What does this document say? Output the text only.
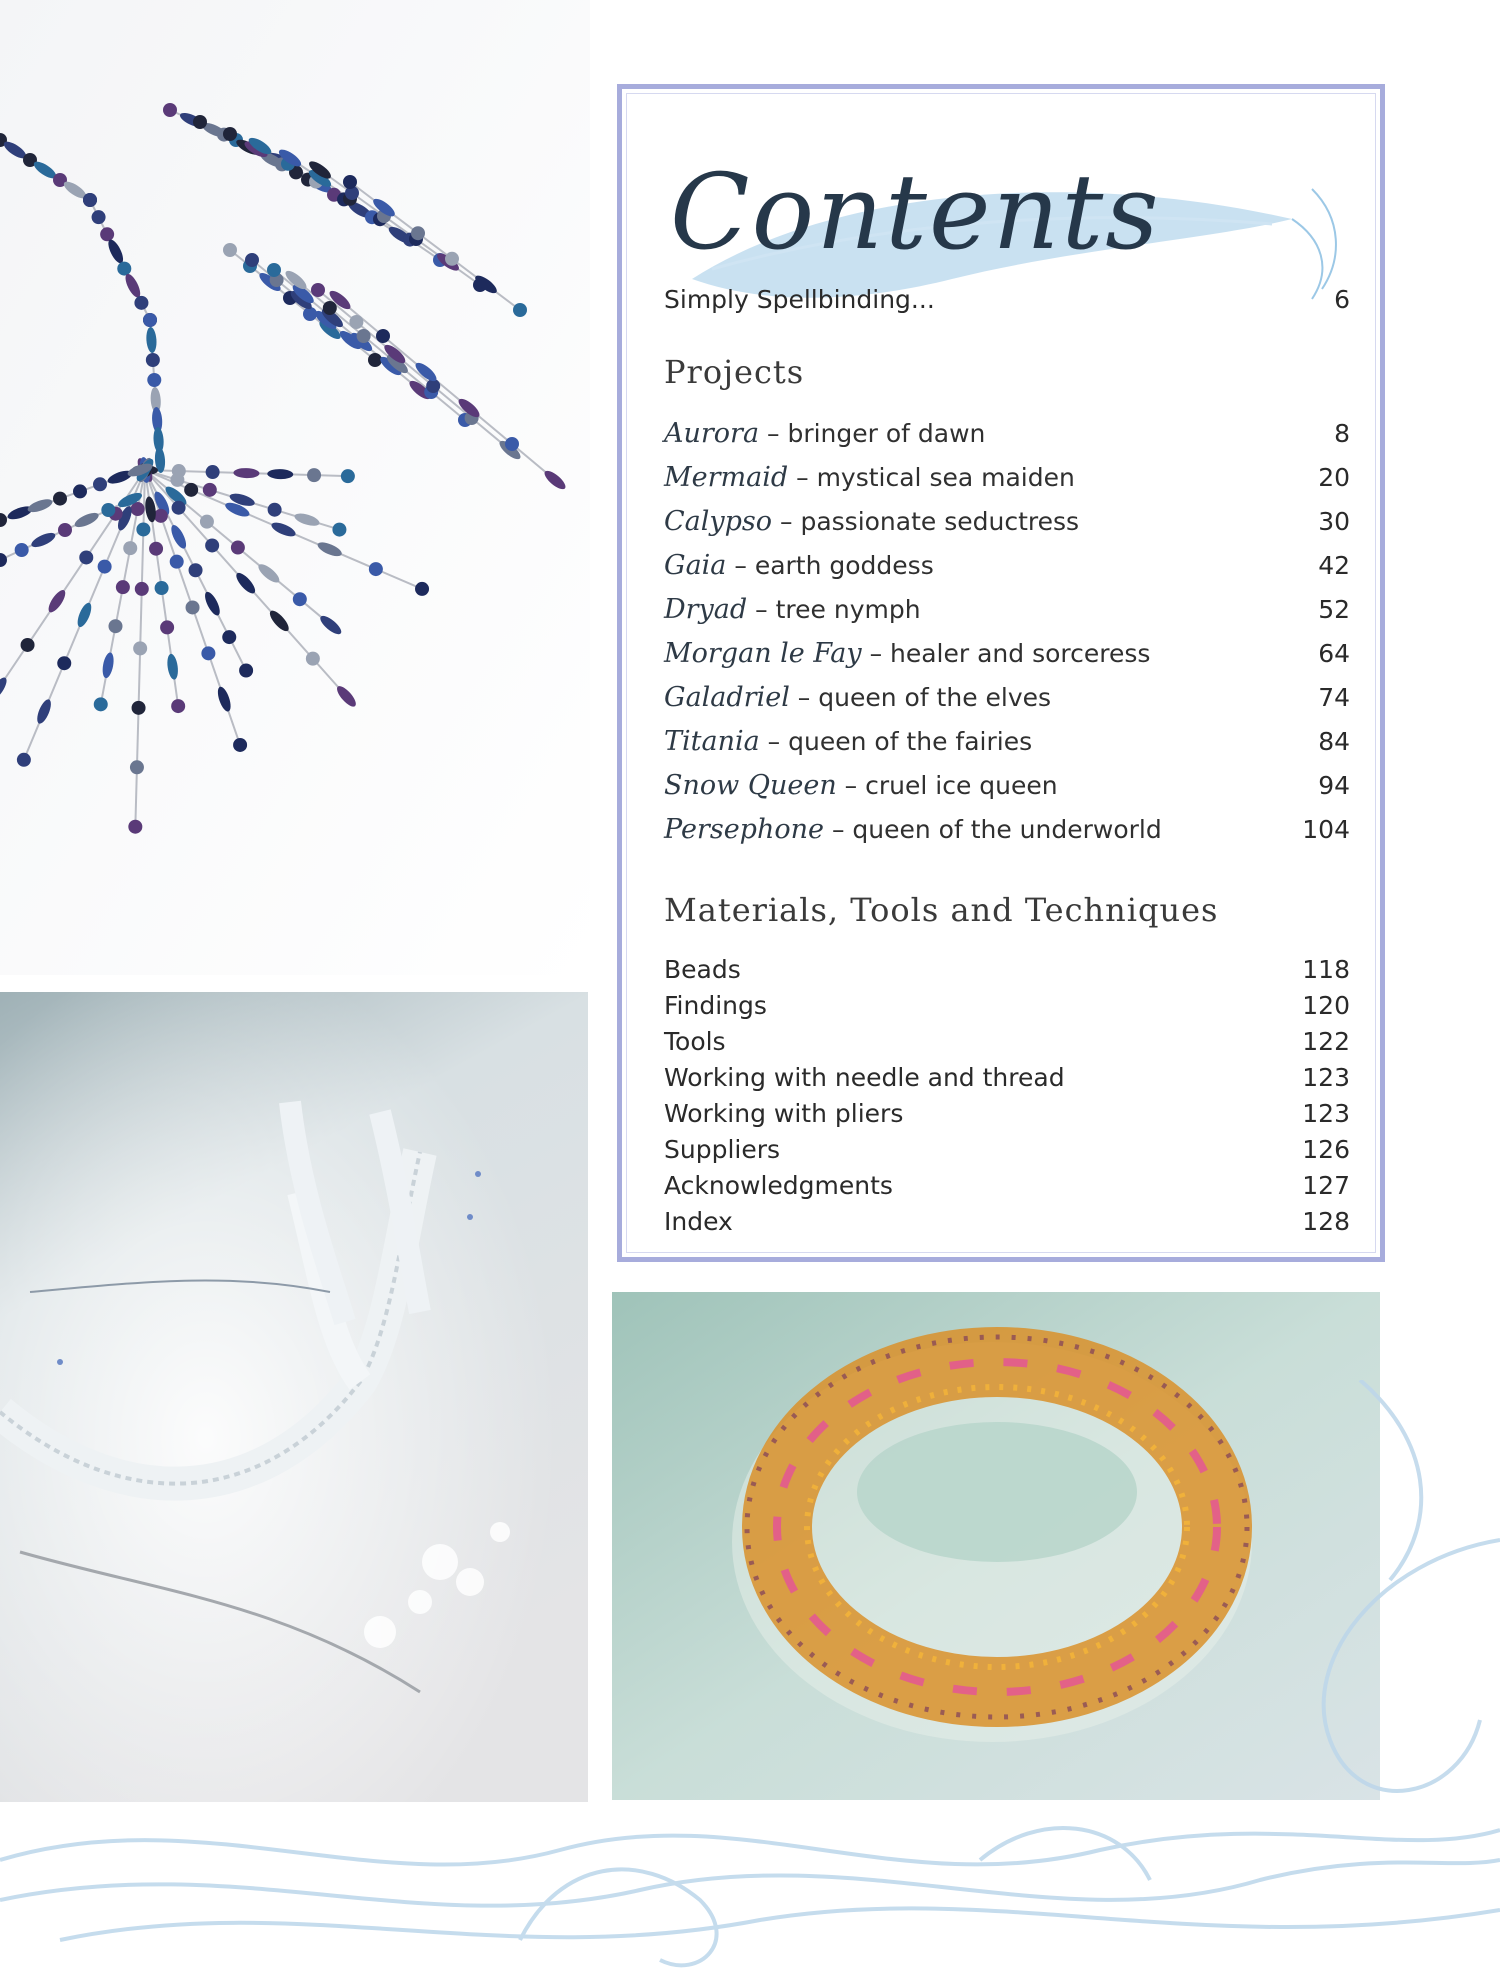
Contents
Simply Spellbinding...	6
Projects
Aurora – bringer of dawn	8
Mermaid – mystical sea maiden	20
Calypso – passionate seductress	30
Gaia – earth goddess	42
Dryad – tree nymph	52
Morgan le Fay – healer and sorceress	64
Galadriel – queen of the elves	74
Titania – queen of the fairies	84
Snow Queen – cruel ice queen	94
Persephone – queen of the underworld	104
Materials, Tools and Techniques
Beads	118
Findings	120
Tools	122
Working with needle and thread	123
Working with pliers	123
Suppliers	126
Acknowledgments	127
Index	128
